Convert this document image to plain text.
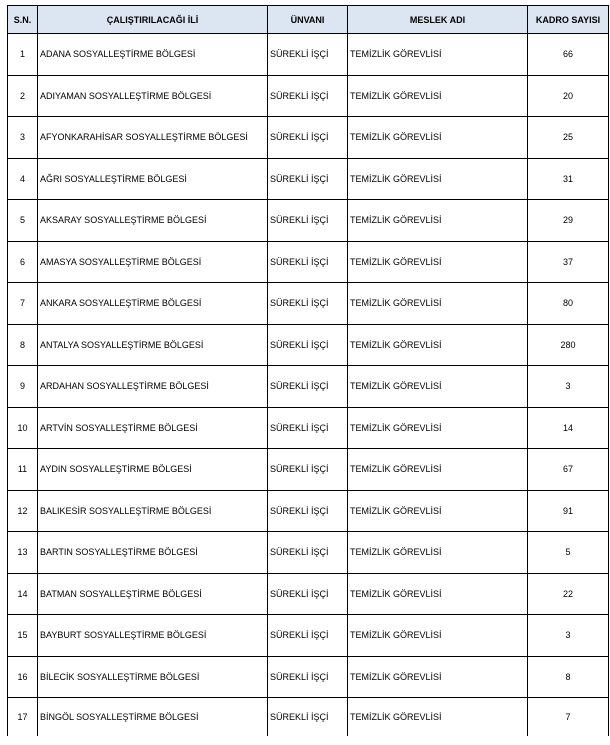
S.N.	ÇALIŞTIRILACAĞI İLİ	ÜNVANI	MESLEK ADI	KADRO SAYISI
1	ADANA SOSYALLEŞTİRME BÖLGESİ	SÜREKLİ İŞÇİ	TEMİZLİK GÖREVLİSİ	66
2	ADIYAMAN SOSYALLEŞTİRME BÖLGESİ	SÜREKLİ İŞÇİ	TEMİZLİK GÖREVLİSİ	20
3	AFYONKARAHİSAR SOSYALLEŞTİRME BÖLGESİ	SÜREKLİ İŞÇİ	TEMİZLİK GÖREVLİSİ	25
4	AĞRI SOSYALLEŞTİRME BÖLGESİ	SÜREKLİ İŞÇİ	TEMİZLİK GÖREVLİSİ	31
5	AKSARAY SOSYALLEŞTİRME BÖLGESİ	SÜREKLİ İŞÇİ	TEMİZLİK GÖREVLİSİ	29
6	AMASYA SOSYALLEŞTİRME BÖLGESİ	SÜREKLİ İŞÇİ	TEMİZLİK GÖREVLİSİ	37
7	ANKARA SOSYALLEŞTİRME BÖLGESİ	SÜREKLİ İŞÇİ	TEMİZLİK GÖREVLİSİ	80
8	ANTALYA SOSYALLEŞTİRME BÖLGESİ	SÜREKLİ İŞÇİ	TEMİZLİK GÖREVLİSİ	280
9	ARDAHAN SOSYALLEŞTİRME BÖLGESİ	SÜREKLİ İŞÇİ	TEMİZLİK GÖREVLİSİ	3
10	ARTVİN SOSYALLEŞTİRME BÖLGESİ	SÜREKLİ İŞÇİ	TEMİZLİK GÖREVLİSİ	14
11	AYDIN SOSYALLEŞTİRME BÖLGESİ	SÜREKLİ İŞÇİ	TEMİZLİK GÖREVLİSİ	67
12	BALIKESİR SOSYALLEŞTİRME BÖLGESİ	SÜREKLİ İŞÇİ	TEMİZLİK GÖREVLİSİ	91
13	BARTIN SOSYALLEŞTİRME BÖLGESİ	SÜREKLİ İŞÇİ	TEMİZLİK GÖREVLİSİ	5
14	BATMAN SOSYALLEŞTİRME BÖLGESİ	SÜREKLİ İŞÇİ	TEMİZLİK GÖREVLİSİ	22
15	BAYBURT SOSYALLEŞTİRME BÖLGESİ	SÜREKLİ İŞÇİ	TEMİZLİK GÖREVLİSİ	3
16	BİLECİK SOSYALLEŞTİRME BÖLGESİ	SÜREKLİ İŞÇİ	TEMİZLİK GÖREVLİSİ	8
17	BİNGÖL SOSYALLEŞTİRME BÖLGESİ	SÜREKLİ İŞÇİ	TEMİZLİK GÖREVLİSİ	7
